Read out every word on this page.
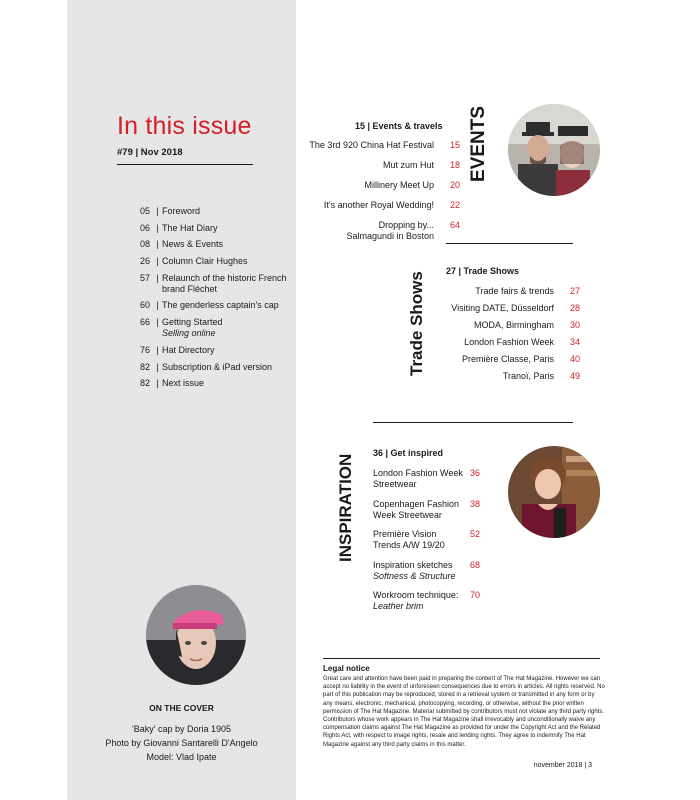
In this issue
#79 | Nov 2018
05 | Foreword
06 | The Hat Diary
08 | News & Events
26 | Column Clair Hughes
57 | Relaunch of the historic French brand Fléchet
60 | The genderless captain's cap
66 | Getting Started
Selling online
76 | Hat Directory
82 | Subscription & iPad version
82 | Next issue
ON THE COVER
'Baky' cap by Doria 1905
Photo by Giovanni Santarelli D'Angelo
Model: Vlad Ipate
EVENTS
15 | Events & travels
The 3rd 920 China Hat Festival	15
Mut zum Hut	18
Millinery Meet Up	20
It's another Royal Wedding!	22
Dropping by...
Salmagundi in Boston
64
Trade Shows
27 | Trade Shows
Trade fairs & trends	27
Visiting DATE, Düsseldorf	28
MODA, Birmingham	30
London Fashion Week	34
Première Classe, Paris	40
Tranoï, Paris	49
INSPIRATION
36 | Get inspired
London Fashion Week
Streetwear
36
Copenhagen Fashion
Week Streetwear
38
Première Vision
Trends A/W 19/20
52
Inspiration sketches
Softness & Structure
68
Workroom technique:
Leather brim
70
Legal notice
Great care and attention have been paid in preparing the content of The Hat Magazine. However we can accept no liability in the event of unforeseen consequences due to errors in articles. All rights reserved. No part of this publication may be reproduced, stored in a retrieval system or transmitted in any form or by any means, electronic, mechanical, photocopying, recording, or otherwise, without the prior written permission of The Hat Magazine. Material submitted by contributors must not violate any third party rights. Contributors whose work appears in The Hat Magazine shall irrevocably and unconditionally waive any compensation claims against The Hat Magazine as provided for under the Copyright Act and the Related Rights Act, with respect to image rights, resale and lending rights. They agree to indemnify The Hat Magazine against any third party claims in this matter.
november 2018 | 3
